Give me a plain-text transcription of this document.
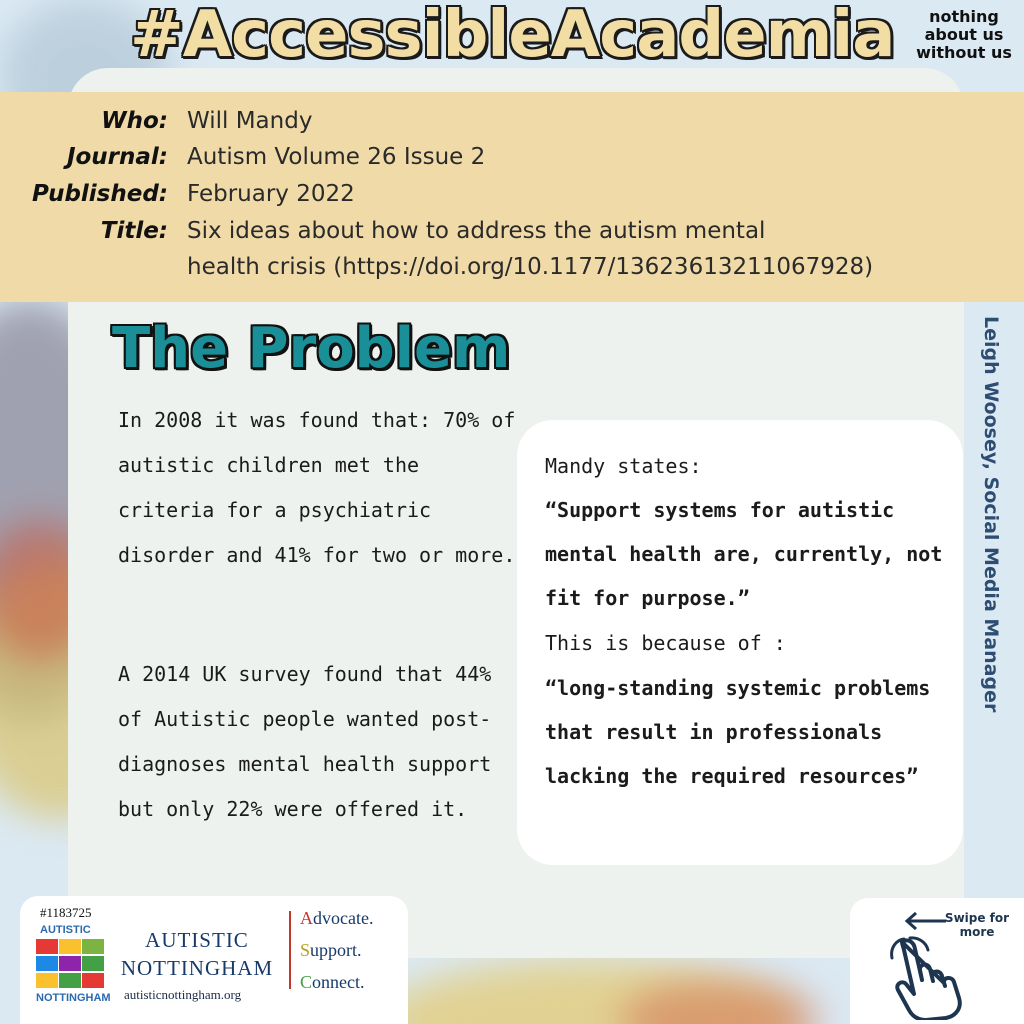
#AccessibleAcademia	nothing about us without us
Who: Will Mandy
Journal: Autism Volume 26 Issue 2
Published: February 2022
Title: Six ideas about how to address the autism mental
health crisis (https://doi.org/10.1177/13623613211067928)
The Problem

In 2008 it was found that: 70% of autistic children met the criteria for a psychiatric disorder and 41% for two or more.

A 2014 UK survey found that 44% of Autistic people wanted post-diagnoses mental health support but only 22% were offered it.

Mandy states:

“Support systems for autistic mental health are, currently, not fit for purpose.”

This is because of :

“long-standing systemic problems that result in professionals lacking the required resources”

Leigh Woosey, Social Media Manager
#1183725
AUTISTIC
NOTTINGHAM
AUTISTIC
NOTTINGHAM
autisticnottingham.org
Advocate.
Support.
Connect.
Swipe for more
